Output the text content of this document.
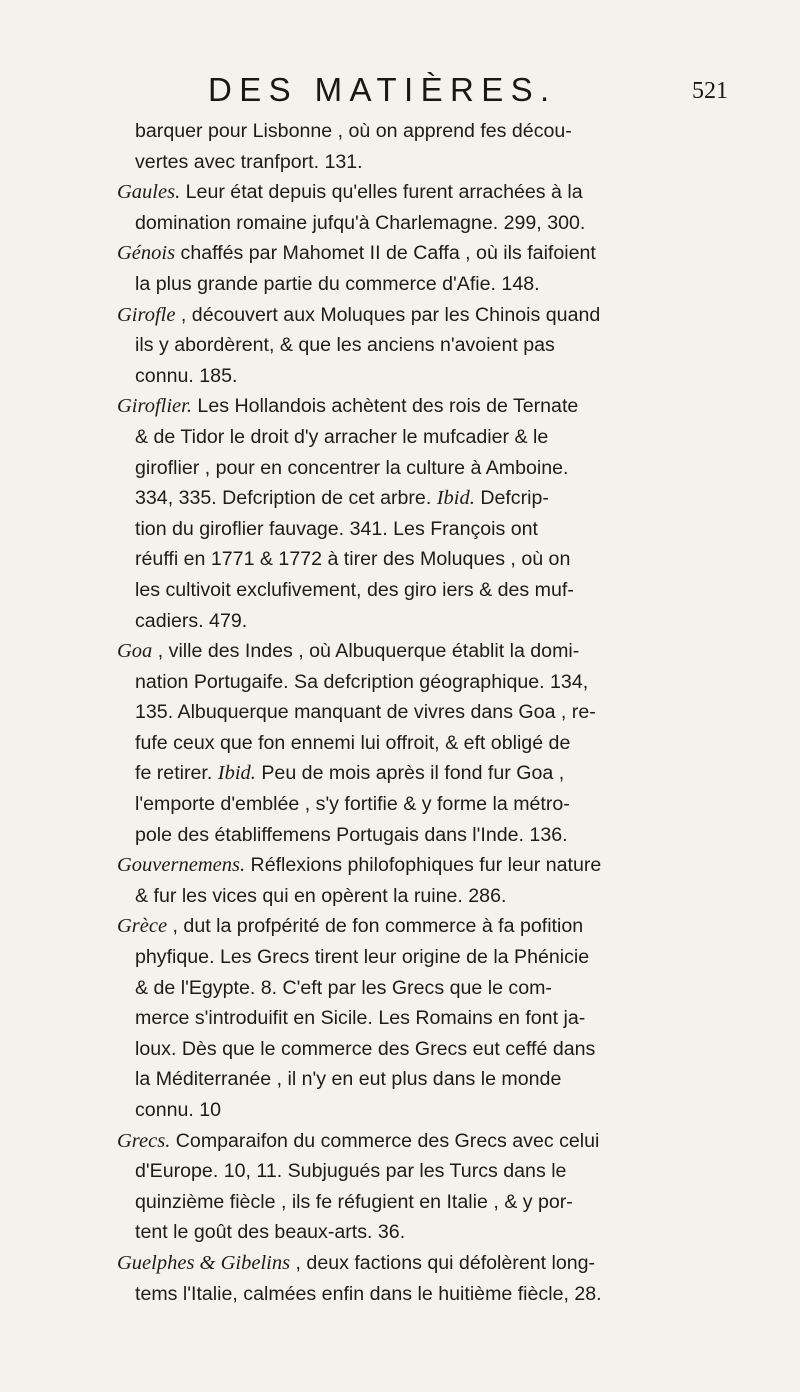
DES MATIÈRES.	521
barquer pour Lisbonne , où on apprend fes décou-
vertes avec tranfport. 131.
Gaules. Leur état depuis qu'elles furent arrachées à la
domination romaine jufqu'à Charlemagne. 299, 300.
Génois chaffés par Mahomet II de Caffa , où ils faifoient
la plus grande partie du commerce d'Afie. 148.
Girofle , découvert aux Moluques par les Chinois quand
ils y abordèrent, & que les anciens n'avoient pas
connu. 185.
Giroflier. Les Hollandois achètent des rois de Ternate
& de Tidor le droit d'y arracher le mufcadier & le
giroflier , pour en concentrer la culture à Amboine.
334, 335. Defcription de cet arbre. Ibid. Defcrip-
tion du giroflier fauvage. 341. Les François ont
réuffi en 1771 & 1772 à tirer des Moluques , où on
les cultivoit exclufivement, des giro iers & des muf-
cadiers. 479.
Goa , ville des Indes , où Albuquerque établit la domi-
nation Portugaife. Sa defcription géographique. 134,
135. Albuquerque manquant de vivres dans Goa , re-
fufe ceux que fon ennemi lui offroit, & eft obligé de
fe retirer. Ibid. Peu de mois après il fond fur Goa ,
l'emporte d'emblée , s'y fortifie & y forme la métro-
pole des établiffemens Portugais dans l'Inde. 136.
Gouvernemens. Réflexions philofophiques fur leur nature
& fur les vices qui en opèrent la ruine. 286.
Grèce , dut la profpérité de fon commerce à fa pofition
phyfique. Les Grecs tirent leur origine de la Phénicie
& de l'Egypte. 8. C'eft par les Grecs que le com-
merce s'introduifit en Sicile. Les Romains en font ja-
loux. Dès que le commerce des Grecs eut ceffé dans
la Méditerranée , il n'y en eut plus dans le monde
connu. 10
Grecs. Comparaifon du commerce des Grecs avec celui
d'Europe. 10, 11. Subjugués par les Turcs dans le
quinzième fiècle , ils fe réfugient en Italie , & y por-
tent le goût des beaux-arts. 36.
Guelphes & Gibelins , deux factions qui défolèrent long-
tems l'Italie, calmées enfin dans le huitième fiècle, 28.
